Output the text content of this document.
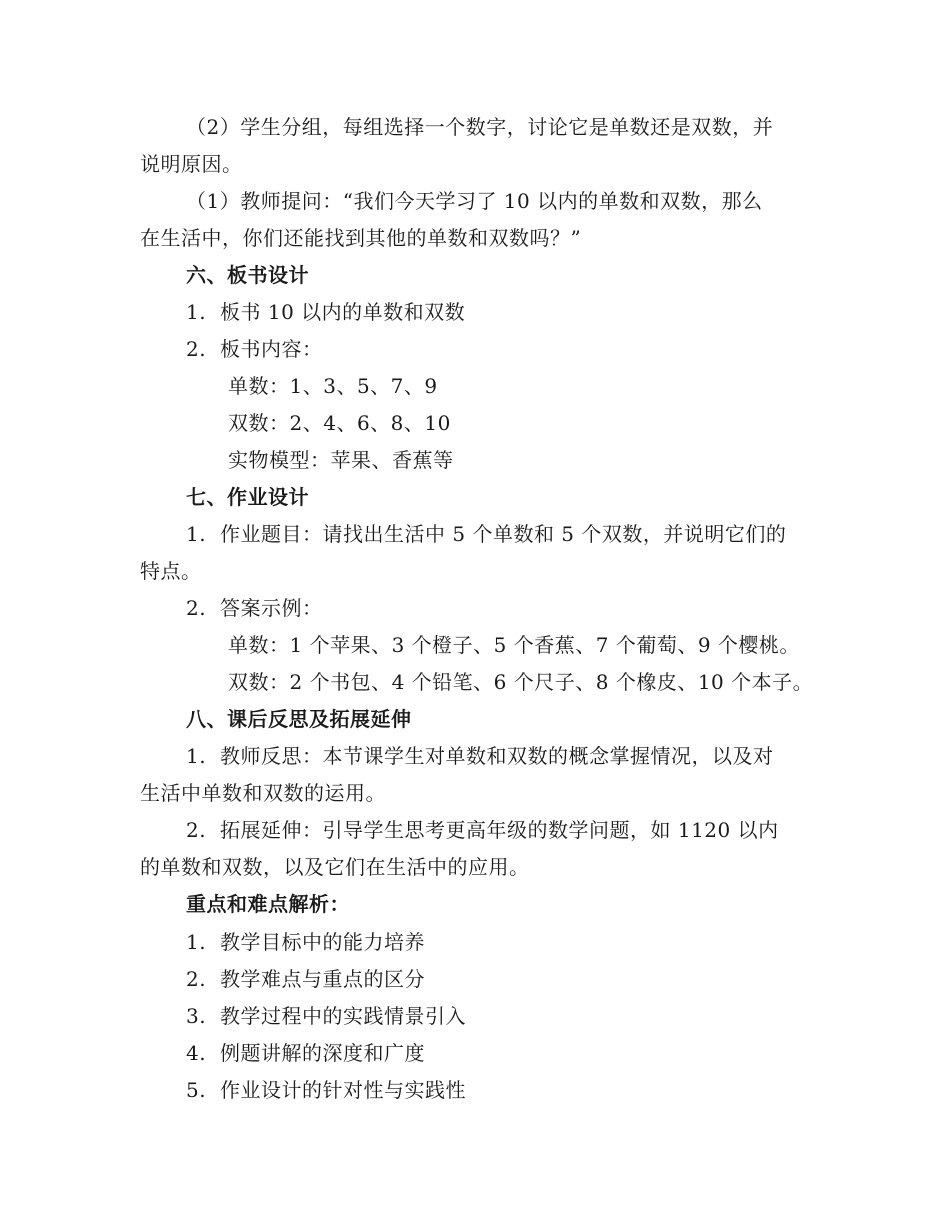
（2）学生分组，每组选择一个数字，讨论它是单数还是双数，并
说明原因。
（1）教师提问：“我们今天学习了 10 以内的单数和双数，那么
在生活中，你们还能找到其他的单数和双数吗？”
六、板书设计
1. 板书 10 以内的单数和双数
2. 板书内容：
单数：1、3、5、7、9
双数：2、4、6、8、10
实物模型：苹果、香蕉等
七、作业设计
1. 作业题目：请找出生活中 5 个单数和 5 个双数，并说明它们的
特点。
2. 答案示例：
单数：1 个苹果、3 个橙子、5 个香蕉、7 个葡萄、9 个樱桃。
双数：2 个书包、4 个铅笔、6 个尺子、8 个橡皮、10 个本子。
八、课后反思及拓展延伸
1. 教师反思：本节课学生对单数和双数的概念掌握情况，以及对
生活中单数和双数的运用。
2. 拓展延伸：引导学生思考更高年级的数学问题，如 1120 以内
的单数和双数，以及它们在生活中的应用。
重点和难点解析：
1. 教学目标中的能力培养
2. 教学难点与重点的区分
3. 教学过程中的实践情景引入
4. 例题讲解的深度和广度
5. 作业设计的针对性与实践性
